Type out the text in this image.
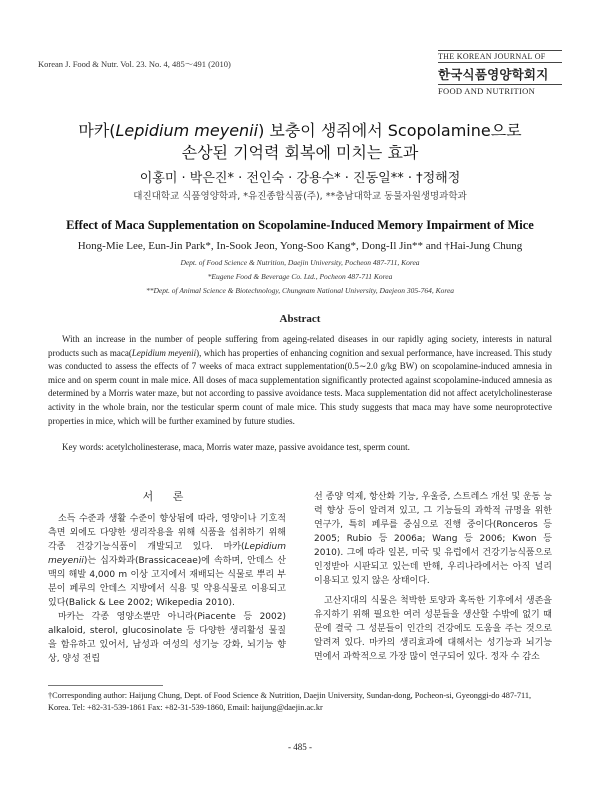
Korean J. Food & Nutr. Vol. 23. No. 4, 485～491 (2010)
THE KOREAN JOURNAL OF
한국식품영양학회지
FOOD AND NUTRITION
마카(Lepidium meyenii) 보충이 생쥐에서 Scopolamine으로
손상된 기억력 회복에 미치는 효과
이홍미 · 박은진* · 전인숙 · 강용수* · 진동일** · †정해정
대진대학교 식품영양학과, *유진종합식품(주), **충남대학교 동물자원생명과학과
Effect of Maca Supplementation on Scopolamine-Induced Memory Impairment of Mice
Hong-Mie Lee, Eun-Jin Park*, In-Sook Jeon, Yong-Soo Kang*, Dong-Il Jin** and †Hai-Jung Chung
Dept. of Food Science & Nutrition, Daejin University, Pocheon 487-711, Korea
*Eugene Food & Beverage Co. Ltd., Pocheon 487-711 Korea
**Dept. of Animal Science & Biotechnology, Chungnam National University, Daejeon 305-764, Korea
Abstract
With an increase in the number of people suffering from ageing-related diseases in our rapidly aging society, interests in natural products such as maca(Lepidium meyenii), which has properties of enhancing cognition and sexual performance, have increased. This study was conducted to assess the effects of 7 weeks of maca extract supplementation(0.5∼2.0 g/kg BW) on scopolamine-induced amnesia in mice and on sperm count in male mice. All doses of maca supplementation significantly protected against scopolamine-induced amnesia as determined by a Morris water maze, but not according to passive avoidance tests. Maca supplementation did not affect acetylcholinesterase activity in the whole brain, nor the testicular sperm count of male mice. This study suggests that maca may have some neuroprotective properties in mice, which will be further examined by future studies.
Key words: acetylcholinesterase, maca, Morris water maze, passive avoidance test, sperm count.
서 론

소득 수준과 생활 수준이 향상됨에 따라, 영양이나 기호적 측면 외에도 다양한 생리작용을 위해 식품을 섭취하기 위해 각종 건강기능식품이 개발되고 있다. 마카(Lepidium meyenii)는 십자화과(Brassicaceae)에 속하며, 안데스 산맥의 해발 4,000 m 이상 고지에서 재배되는 식물로 뿌리 부분이 페루의 안데스 지방에서 식용 및 약용식물로 이용되고 있다(Balick & Lee 2002; Wikepedia 2010).

마카는 각종 영양소뿐만 아니라(Piacente 등 2002) alkaloid, sterol, glucosinolate 등 다양한 생리활성 물질을 함유하고 있어서, 남성과 여성의 성기능 강화, 뇌기능 향상, 양성 전립

선 종양 억제, 항산화 기능, 우울증, 스트레스 개선 및 운동 능력 향상 등이 알려져 있고, 그 기능들의 과학적 규명을 위한 연구가, 특히 페루를 중심으로 진행 중이다(Ronceros 등 2005; Rubio 등 2006a; Wang 등 2006; Kwon 등 2010). 그에 따라 일본, 미국 및 유럽에서 건강기능식품으로 인정받아 시판되고 있는데 반해, 우리나라에서는 아직 널리 이용되고 있지 않은 상태이다.

고산지대의 식물은 척박한 토양과 혹독한 기후에서 생존을 유지하기 위해 필요한 여러 성분들을 생산할 수밖에 없기 때문에 결국 그 성분들이 인간의 건강에도 도움을 주는 것으로 알려져 있다. 마카의 생리효과에 대해서는 성기능과 뇌기능 면에서 과학적으로 가장 많이 연구되어 있다. 정자 수 감소

†Corresponding author: Haijung Chung, Dept. of Food Science & Nutrition, Daejin University, Sundan-dong, Pocheon-si, Gyeonggi-do 487-711, Korea. Tel: +82-31-539-1861 Fax: +82-31-539-1860, Email: haijung@daejin.ac.kr
- 485 -
